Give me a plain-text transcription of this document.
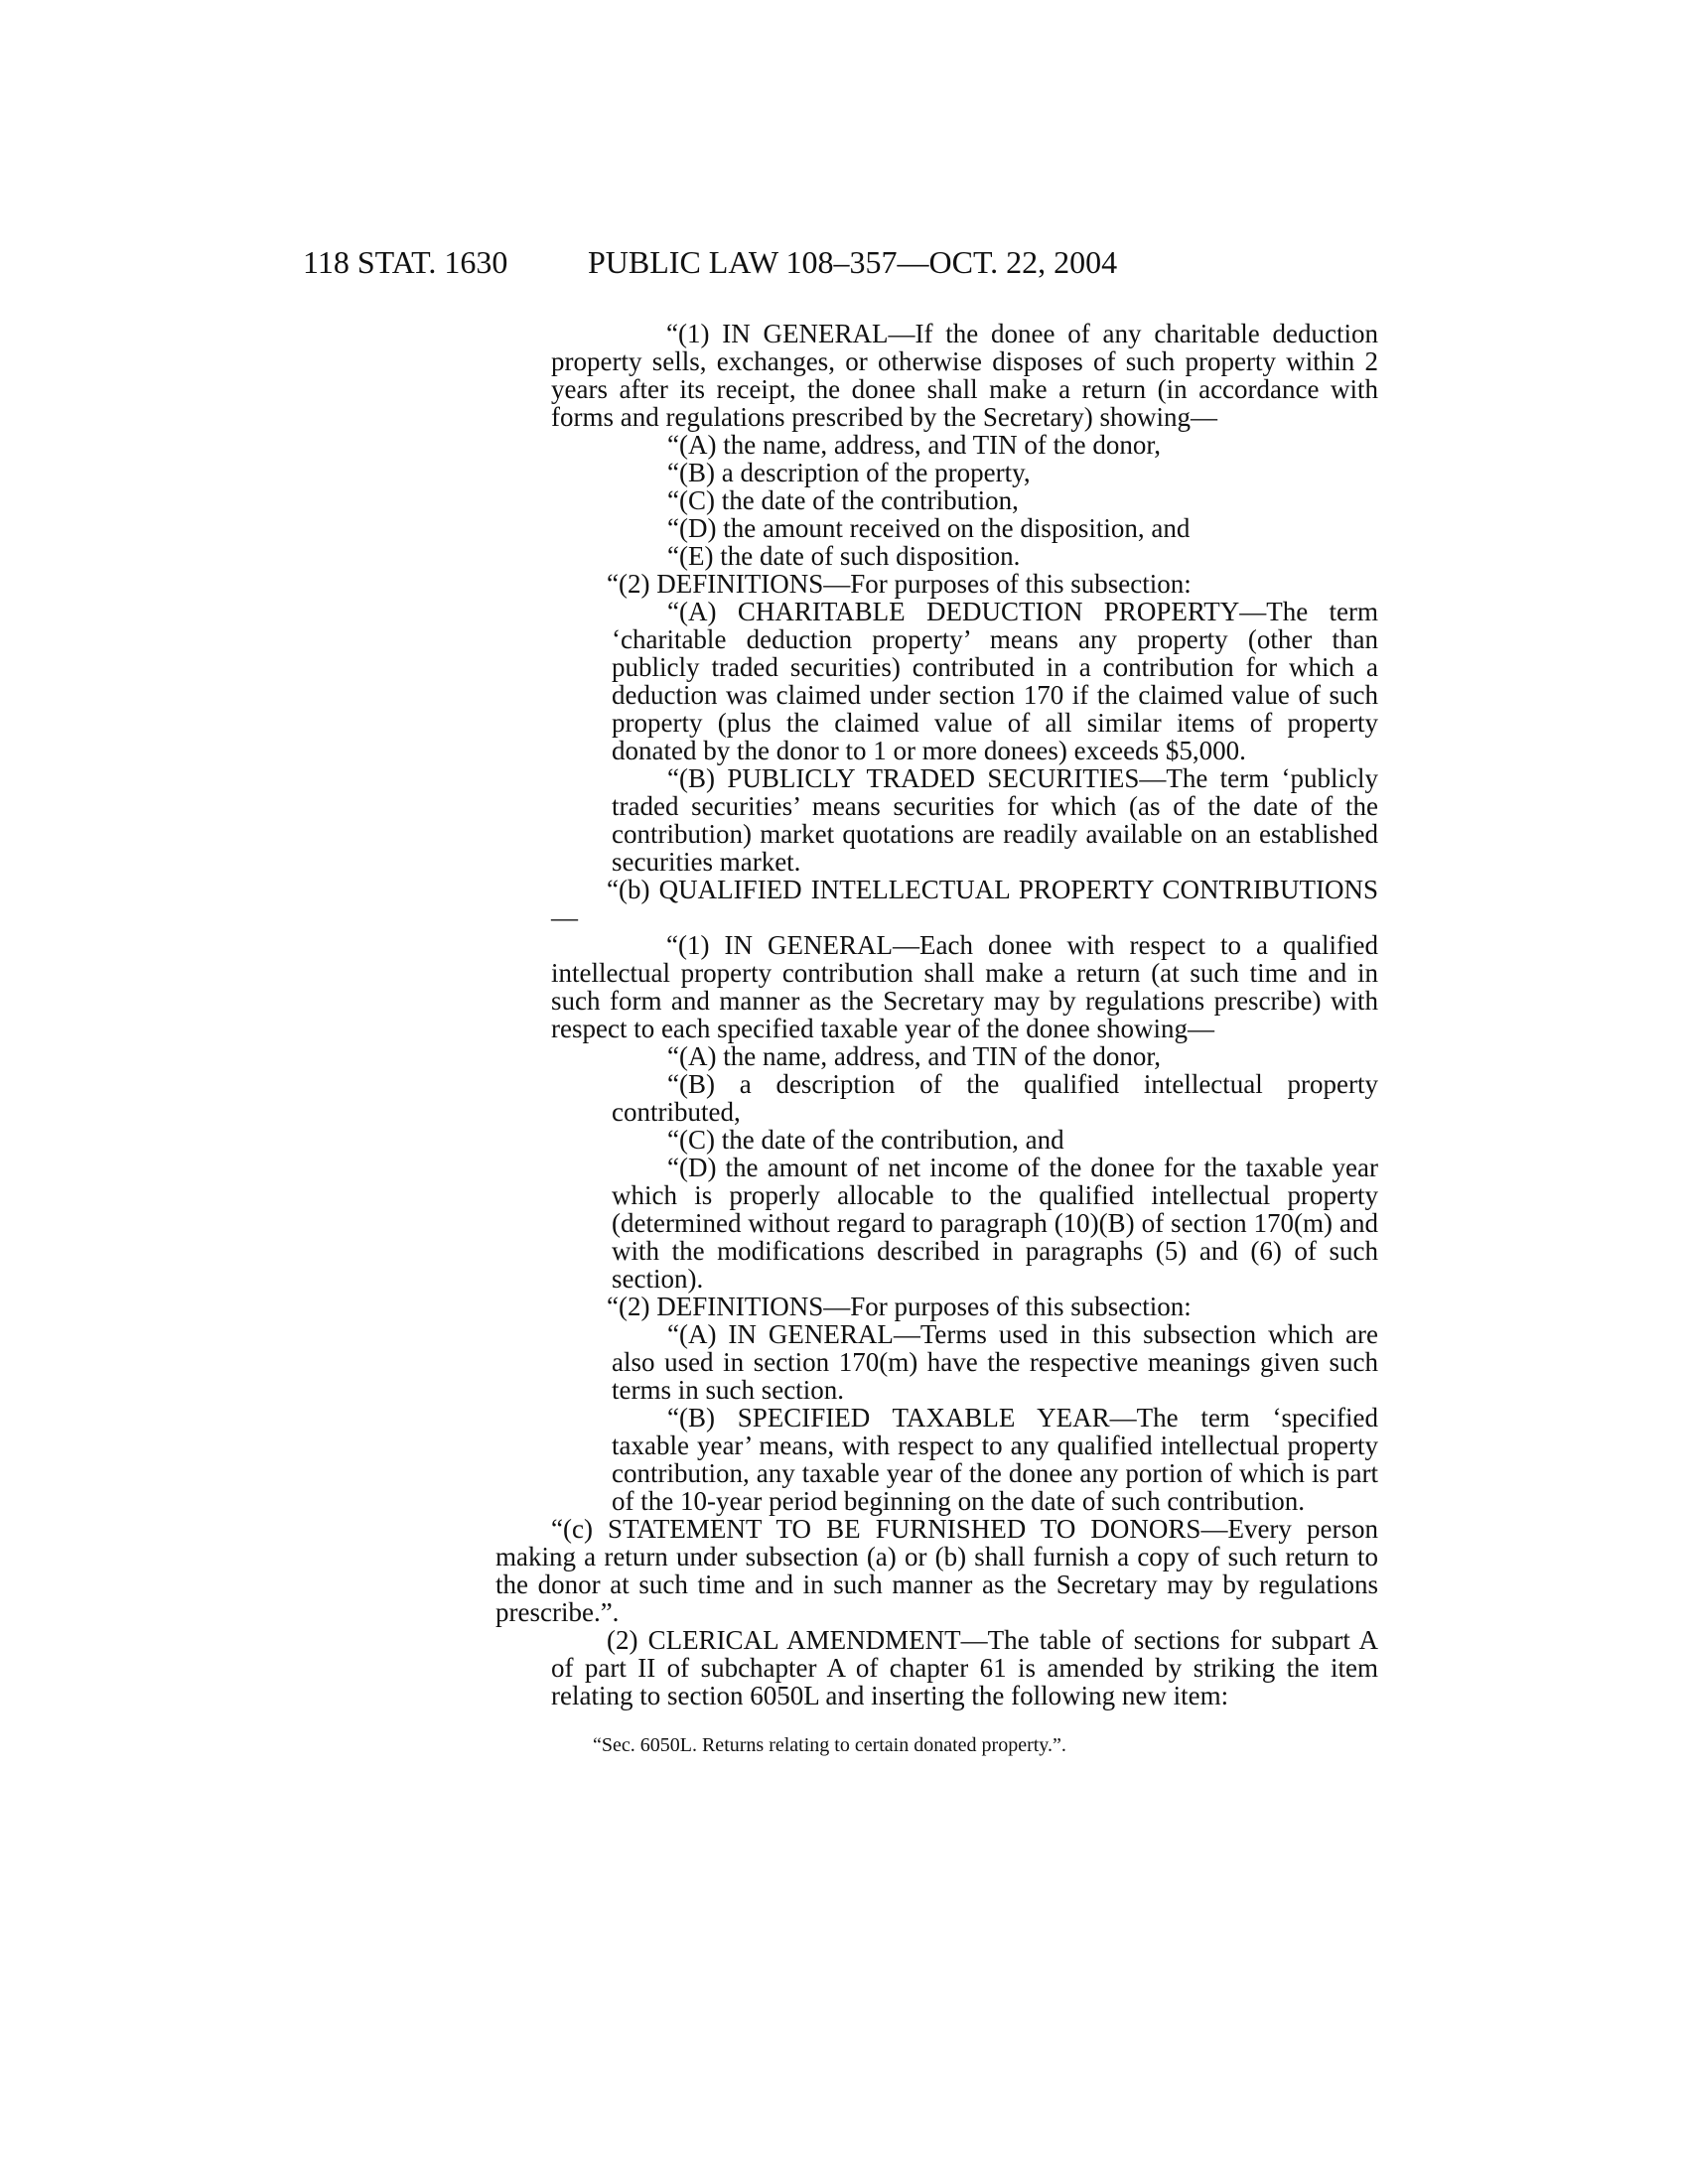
118 STAT. 1630	PUBLIC LAW 108–357—OCT. 22, 2004

“(1) IN GENERAL—If the donee of any charitable deduction property sells, exchanges, or otherwise disposes of such property within 2 years after its receipt, the donee shall make a return (in accordance with forms and regulations prescribed by the Secretary) showing—

“(A) the name, address, and TIN of the donor,

“(B) a description of the property,

“(C) the date of the contribution,

“(D) the amount received on the disposition, and

“(E) the date of such disposition.

“(2) DEFINITIONS—For purposes of this subsection:

“(A) CHARITABLE DEDUCTION PROPERTY—The term ‘charitable deduction property’ means any property (other than publicly traded securities) contributed in a contribution for which a deduction was claimed under section 170 if the claimed value of such property (plus the claimed value of all similar items of property donated by the donor to 1 or more donees) exceeds $5,000.

“(B) PUBLICLY TRADED SECURITIES—The term ‘publicly traded securities’ means securities for which (as of the date of the contribution) market quotations are readily available on an established securities market.

“(b) QUALIFIED INTELLECTUAL PROPERTY CONTRIBUTIONS—

“(1) IN GENERAL—Each donee with respect to a qualified intellectual property contribution shall make a return (at such time and in such form and manner as the Secretary may by regulations prescribe) with respect to each specified taxable year of the donee showing—

“(A) the name, address, and TIN of the donor,

“(B) a description of the qualified intellectual property contributed,

“(C) the date of the contribution, and

“(D) the amount of net income of the donee for the taxable year which is properly allocable to the qualified intellectual property (determined without regard to paragraph (10)(B) of section 170(m) and with the modifications described in paragraphs (5) and (6) of such section).

“(2) DEFINITIONS—For purposes of this subsection:

“(A) IN GENERAL—Terms used in this subsection which are also used in section 170(m) have the respective meanings given such terms in such section.

“(B) SPECIFIED TAXABLE YEAR—The term ‘specified taxable year’ means, with respect to any qualified intellectual property contribution, any taxable year of the donee any portion of which is part of the 10-year period beginning on the date of such contribution.

“(c) STATEMENT TO BE FURNISHED TO DONORS—Every person making a return under subsection (a) or (b) shall furnish a copy of such return to the donor at such time and in such manner as the Secretary may by regulations prescribe.”.

(2) CLERICAL AMENDMENT—The table of sections for subpart A of part II of subchapter A of chapter 61 is amended by striking the item relating to section 6050L and inserting the following new item:

“Sec. 6050L. Returns relating to certain donated property.”.
